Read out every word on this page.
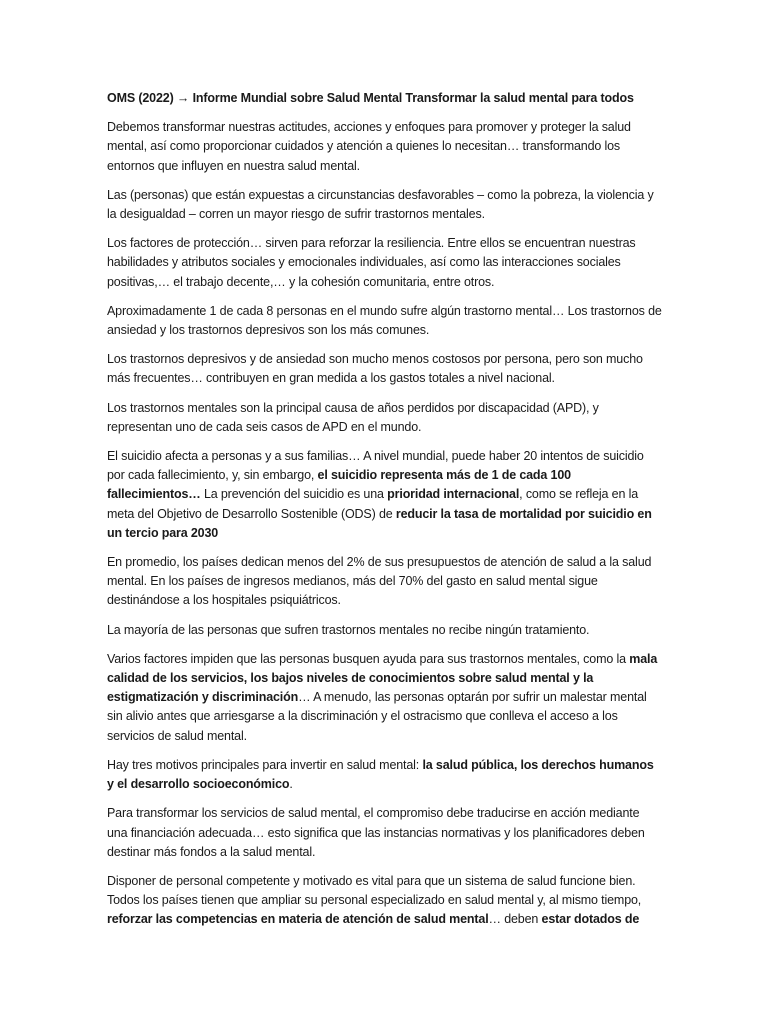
OMS (2022) → Informe Mundial sobre Salud Mental Transformar la salud mental para todos

Debemos transformar nuestras actitudes, acciones y enfoques para promover y proteger la salud mental, así como proporcionar cuidados y atención a quienes lo necesitan… transformando los entornos que influyen en nuestra salud mental.

Las (personas) que están expuestas a circunstancias desfavorables – como la pobreza, la violencia y la desigualdad – corren un mayor riesgo de sufrir trastornos mentales.

Los factores de protección… sirven para reforzar la resiliencia. Entre ellos se encuentran nuestras habilidades y atributos sociales y emocionales individuales, así como las interacciones sociales positivas,… el trabajo decente,… y la cohesión comunitaria, entre otros.

Aproximadamente 1 de cada 8 personas en el mundo sufre algún trastorno mental… Los trastornos de ansiedad y los trastornos depresivos son los más comunes.

Los trastornos depresivos y de ansiedad son mucho menos costosos por persona, pero son mucho más frecuentes… contribuyen en gran medida a los gastos totales a nivel nacional.

Los trastornos mentales son la principal causa de años perdidos por discapacidad (APD), y representan uno de cada seis casos de APD en el mundo.

El suicidio afecta a personas y a sus familias… A nivel mundial, puede haber 20 intentos de suicidio por cada fallecimiento, y, sin embargo, el suicidio representa más de 1 de cada 100 fallecimientos… La prevención del suicidio es una prioridad internacional, como se refleja en la meta del Objetivo de Desarrollo Sostenible (ODS) de reducir la tasa de mortalidad por suicidio en un tercio para 2030

En promedio, los países dedican menos del 2% de sus presupuestos de atención de salud a la salud mental. En los países de ingresos medianos, más del 70% del gasto en salud mental sigue destinándose a los hospitales psiquiátricos.

La mayoría de las personas que sufren trastornos mentales no recibe ningún tratamiento.

Varios factores impiden que las personas busquen ayuda para sus trastornos mentales, como la mala calidad de los servicios, los bajos niveles de conocimientos sobre salud mental y la estigmatización y discriminación… A menudo, las personas optarán por sufrir un malestar mental sin alivio antes que arriesgarse a la discriminación y el ostracismo que conlleva el acceso a los servicios de salud mental.

Hay tres motivos principales para invertir en salud mental: la salud pública, los derechos humanos y el desarrollo socioeconómico.

Para transformar los servicios de salud mental, el compromiso debe traducirse en acción mediante una financiación adecuada… esto significa que las instancias normativas y los planificadores deben destinar más fondos a la salud mental.

Disponer de personal competente y motivado es vital para que un sistema de salud funcione bien. Todos los países tienen que ampliar su personal especializado en salud mental y, al mismo tiempo, reforzar las competencias en materia de atención de salud mental… deben estar dotados de
